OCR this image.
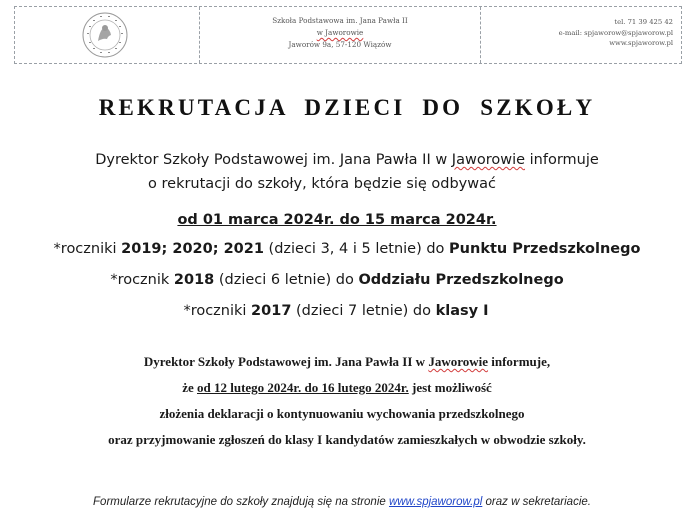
Szkoła Podstawowa im. Jana Pawła II
w Jaworowie
Jaworów 9a, 57-120 Wiązów
tel. 71 39 425 42
e-mail: spjaworow@spjaworow.pl
www.spjaworow.pl
REKRUTACJA DZIECI DO SZKOŁY
Dyrektor Szkoły Podstawowej im. Jana Pawła II w Jaworowie informuje
o rekrutacji do szkoły, która będzie się odbywać
od 01 marca 2024r. do 15 marca 2024r.
*roczniki 2019; 2020; 2021 (dzieci 3, 4 i 5 letnie) do Punktu Przedszkolnego
*rocznik 2018 (dzieci 6 letnie) do Oddziału Przedszkolnego
*roczniki 2017 (dzieci 7 letnie) do klasy I
Dyrektor Szkoły Podstawowej im. Jana Pawła II w Jaworowie informuje,
że od 12 lutego 2024r. do 16 lutego 2024r. jest możliwość
złożenia deklaracji o kontynuowaniu wychowania przedszkolnego
oraz przyjmowanie zgłoszeń do klasy I kandydatów zamieszkałych w obwodzie szkoły.
Formularze rekrutacyjne do szkoły znajdują się na stronie www.spjaworow.pl oraz w sekretariacie.
